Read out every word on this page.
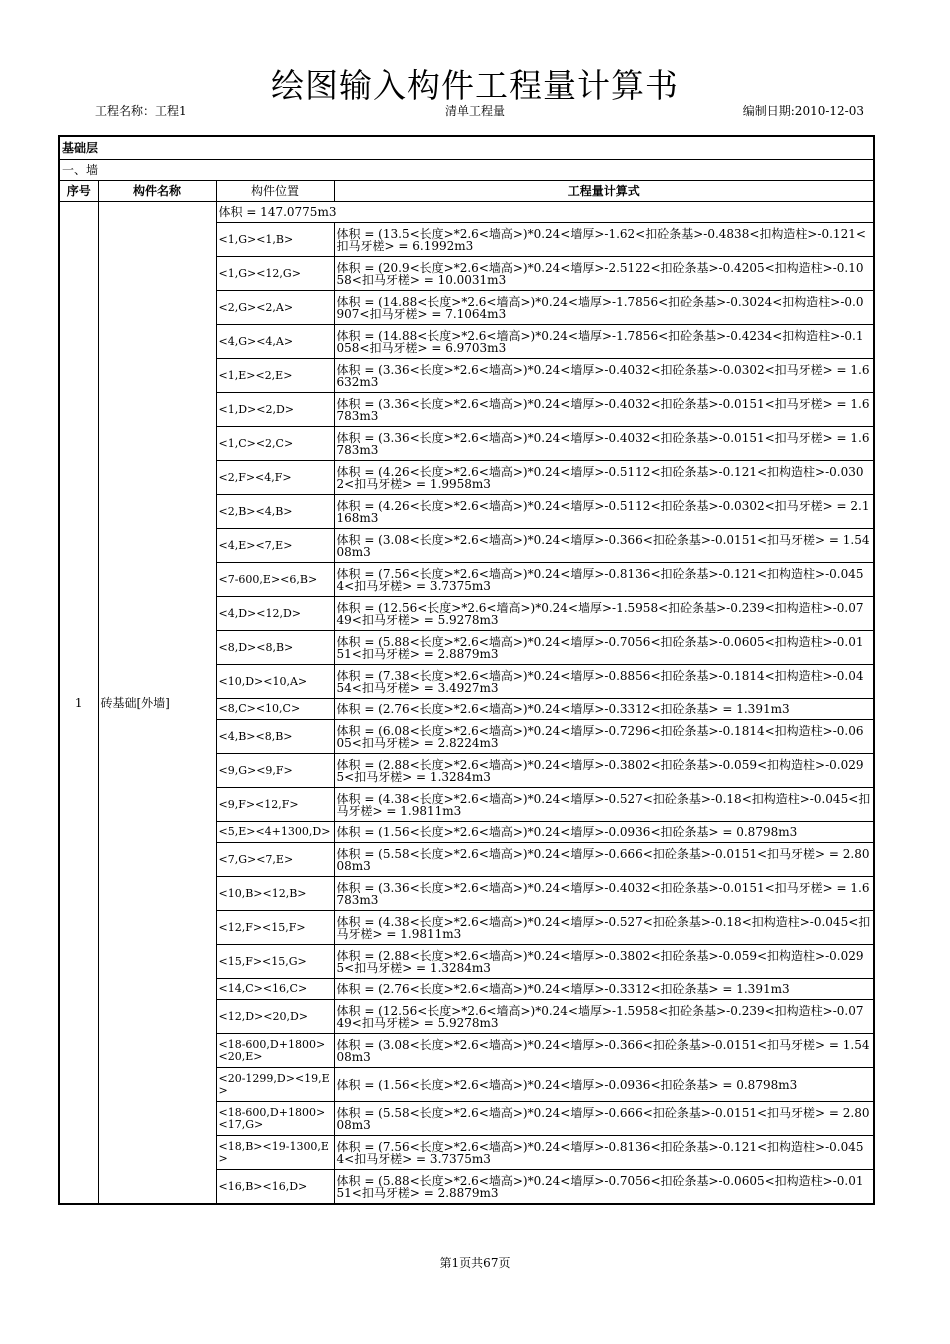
绘图输入构件工程量计算书
工程名称：工程1	清单工程量	编制日期:2010-12-03
基础层			
一、墙			
序号	构件名称	构件位置	工程量计算式
1	砖基础[外墙]	体积 = 147.0775m3	
		<1,G><1,B>	体积 = (13.5<长度>*2.6<墙高>)*0.24<墙厚>-1.62<扣砼条基>-0.4838<扣构造柱>-0.121<扣马牙槎> = 6.1992m3
		<1,G><12,G>	体积 = (20.9<长度>*2.6<墙高>)*0.24<墙厚>-2.5122<扣砼条基>-0.4205<扣构造柱>-0.1058<扣马牙槎> = 10.0031m3
		<2,G><2,A>	体积 = (14.88<长度>*2.6<墙高>)*0.24<墙厚>-1.7856<扣砼条基>-0.3024<扣构造柱>-0.0907<扣马牙槎> = 7.1064m3
		<4,G><4,A>	体积 = (14.88<长度>*2.6<墙高>)*0.24<墙厚>-1.7856<扣砼条基>-0.4234<扣构造柱>-0.1058<扣马牙槎> = 6.9703m3
		<1,E><2,E>	体积 = (3.36<长度>*2.6<墙高>)*0.24<墙厚>-0.4032<扣砼条基>-0.0302<扣马牙槎> = 1.6632m3
		<1,D><2,D>	体积 = (3.36<长度>*2.6<墙高>)*0.24<墙厚>-0.4032<扣砼条基>-0.0151<扣马牙槎> = 1.6783m3
		<1,C><2,C>	体积 = (3.36<长度>*2.6<墙高>)*0.24<墙厚>-0.4032<扣砼条基>-0.0151<扣马牙槎> = 1.6783m3
		<2,F><4,F>	体积 = (4.26<长度>*2.6<墙高>)*0.24<墙厚>-0.5112<扣砼条基>-0.121<扣构造柱>-0.0302<扣马牙槎> = 1.9958m3
		<2,B><4,B>	体积 = (4.26<长度>*2.6<墙高>)*0.24<墙厚>-0.5112<扣砼条基>-0.0302<扣马牙槎> = 2.1168m3
		<4,E><7,E>	体积 = (3.08<长度>*2.6<墙高>)*0.24<墙厚>-0.366<扣砼条基>-0.0151<扣马牙槎> = 1.5408m3
		<7-600,E><6,B>	体积 = (7.56<长度>*2.6<墙高>)*0.24<墙厚>-0.8136<扣砼条基>-0.121<扣构造柱>-0.0454<扣马牙槎> = 3.7375m3
		<4,D><12,D>	体积 = (12.56<长度>*2.6<墙高>)*0.24<墙厚>-1.5958<扣砼条基>-0.239<扣构造柱>-0.0749<扣马牙槎> = 5.9278m3
		<8,D><8,B>	体积 = (5.88<长度>*2.6<墙高>)*0.24<墙厚>-0.7056<扣砼条基>-0.0605<扣构造柱>-0.0151<扣马牙槎> = 2.8879m3
		<10,D><10,A>	体积 = (7.38<长度>*2.6<墙高>)*0.24<墙厚>-0.8856<扣砼条基>-0.1814<扣构造柱>-0.0454<扣马牙槎> = 3.4927m3
		<8,C><10,C>	体积 = (2.76<长度>*2.6<墙高>)*0.24<墙厚>-0.3312<扣砼条基> = 1.391m3
		<4,B><8,B>	体积 = (6.08<长度>*2.6<墙高>)*0.24<墙厚>-0.7296<扣砼条基>-0.1814<扣构造柱>-0.0605<扣马牙槎> = 2.8224m3
		<9,G><9,F>	体积 = (2.88<长度>*2.6<墙高>)*0.24<墙厚>-0.3802<扣砼条基>-0.059<扣构造柱>-0.0295<扣马牙槎> = 1.3284m3
		<9,F><12,F>	体积 = (4.38<长度>*2.6<墙高>)*0.24<墙厚>-0.527<扣砼条基>-0.18<扣构造柱>-0.045<扣马牙槎> = 1.9811m3
		<5,E><4+1300,D>	体积 = (1.56<长度>*2.6<墙高>)*0.24<墙厚>-0.0936<扣砼条基> = 0.8798m3
		<7,G><7,E>	体积 = (5.58<长度>*2.6<墙高>)*0.24<墙厚>-0.666<扣砼条基>-0.0151<扣马牙槎> = 2.8008m3
		<10,B><12,B>	体积 = (3.36<长度>*2.6<墙高>)*0.24<墙厚>-0.4032<扣砼条基>-0.0151<扣马牙槎> = 1.6783m3
		<12,F><15,F>	体积 = (4.38<长度>*2.6<墙高>)*0.24<墙厚>-0.527<扣砼条基>-0.18<扣构造柱>-0.045<扣马牙槎> = 1.9811m3
		<15,F><15,G>	体积 = (2.88<长度>*2.6<墙高>)*0.24<墙厚>-0.3802<扣砼条基>-0.059<扣构造柱>-0.0295<扣马牙槎> = 1.3284m3
		<14,C><16,C>	体积 = (2.76<长度>*2.6<墙高>)*0.24<墙厚>-0.3312<扣砼条基> = 1.391m3
		<12,D><20,D>	体积 = (12.56<长度>*2.6<墙高>)*0.24<墙厚>-1.5958<扣砼条基>-0.239<扣构造柱>-0.0749<扣马牙槎> = 5.9278m3
		<18-600,D+1800><20,E>	体积 = (3.08<长度>*2.6<墙高>)*0.24<墙厚>-0.366<扣砼条基>-0.0151<扣马牙槎> = 1.5408m3
		<20-1299,D><19,E>	体积 = (1.56<长度>*2.6<墙高>)*0.24<墙厚>-0.0936<扣砼条基> = 0.8798m3
		<18-600,D+1800><17,G>	体积 = (5.58<长度>*2.6<墙高>)*0.24<墙厚>-0.666<扣砼条基>-0.0151<扣马牙槎> = 2.8008m3
		<18,B><19-1300,E>	体积 = (7.56<长度>*2.6<墙高>)*0.24<墙厚>-0.8136<扣砼条基>-0.121<扣构造柱>-0.0454<扣马牙槎> = 3.7375m3
		<16,B><16,D>	体积 = (5.88<长度>*2.6<墙高>)*0.24<墙厚>-0.7056<扣砼条基>-0.0605<扣构造柱>-0.0151<扣马牙槎> = 2.8879m3
第1页共67页
